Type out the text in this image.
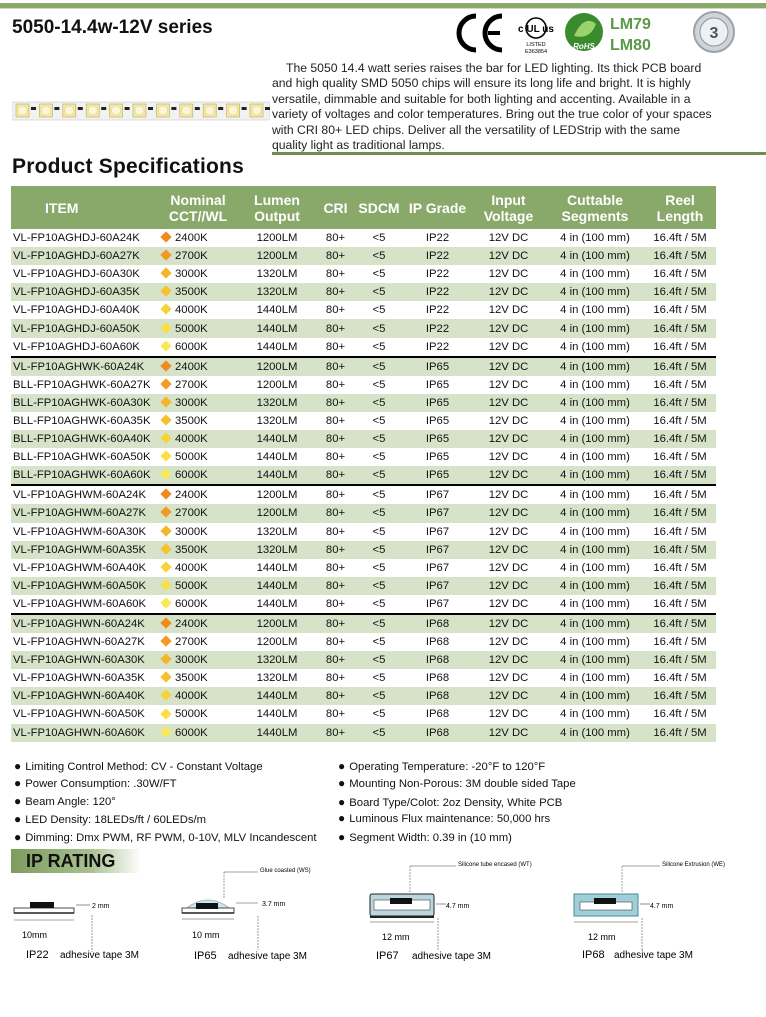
5050-14.4w-12V series	c UL us
LISTED
E363854
RoHS
LM79
LM80
3
The 5050 14.4 watt series raises the bar for LED lighting. Its thick PCB board and high quality SMD 5050 chips will ensure its long life and bright. It is highly versatile, dimmable and suitable for both lighting and accenting. Available in a variety of voltages and color temperatures. Bring out the true color of your spaces with CRI 80+ LED chips. Deliver all the versatility of LEDStrip with the same quality light as traditional lamps.
Product Specifications
ITEM	Nominal CCT//WL	Lumen Output	CRI	SDCM	IP Grade	Input Voltage	Cuttable Segments	Reel Length
VL-FP10AGHDJ-60A24K	2400K	1200LM	80+	<5	IP22	12V DC	4 in (100 mm)	16.4ft / 5M
VL-FP10AGHDJ-60A27K	2700K	1200LM	80+	<5	IP22	12V DC	4 in (100 mm)	16.4ft / 5M
VL-FP10AGHDJ-60A30K	3000K	1320LM	80+	<5	IP22	12V DC	4 in (100 mm)	16.4ft / 5M
VL-FP10AGHDJ-60A35K	3500K	1320LM	80+	<5	IP22	12V DC	4 in (100 mm)	16.4ft / 5M
VL-FP10AGHDJ-60A40K	4000K	1440LM	80+	<5	IP22	12V DC	4 in (100 mm)	16.4ft / 5M
VL-FP10AGHDJ-60A50K	5000K	1440LM	80+	<5	IP22	12V DC	4 in (100 mm)	16.4ft / 5M
VL-FP10AGHDJ-60A60K	6000K	1440LM	80+	<5	IP22	12V DC	4 in (100 mm)	16.4ft / 5M
VL-FP10AGHWK-60A24K	2400K	1200LM	80+	<5	IP65	12V DC	4 in (100 mm)	16.4ft / 5M
BLL-FP10AGHWK-60A27K	2700K	1200LM	80+	<5	IP65	12V DC	4 in (100 mm)	16.4ft / 5M
BLL-FP10AGHWK-60A30K	3000K	1320LM	80+	<5	IP65	12V DC	4 in (100 mm)	16.4ft / 5M
BLL-FP10AGHWK-60A35K	3500K	1320LM	80+	<5	IP65	12V DC	4 in (100 mm)	16.4ft / 5M
BLL-FP10AGHWK-60A40K	4000K	1440LM	80+	<5	IP65	12V DC	4 in (100 mm)	16.4ft / 5M
BLL-FP10AGHWK-60A50K	5000K	1440LM	80+	<5	IP65	12V DC	4 in (100 mm)	16.4ft / 5M
BLL-FP10AGHWK-60A60K	6000K	1440LM	80+	<5	IP65	12V DC	4 in (100 mm)	16.4ft / 5M
VL-FP10AGHWM-60A24K	2400K	1200LM	80+	<5	IP67	12V DC	4 in (100 mm)	16.4ft / 5M
VL-FP10AGHWM-60A27K	2700K	1200LM	80+	<5	IP67	12V DC	4 in (100 mm)	16.4ft / 5M
VL-FP10AGHWM-60A30K	3000K	1320LM	80+	<5	IP67	12V DC	4 in (100 mm)	16.4ft / 5M
VL-FP10AGHWM-60A35K	3500K	1320LM	80+	<5	IP67	12V DC	4 in (100 mm)	16.4ft / 5M
VL-FP10AGHWM-60A40K	4000K	1440LM	80+	<5	IP67	12V DC	4 in (100 mm)	16.4ft / 5M
VL-FP10AGHWM-60A50K	5000K	1440LM	80+	<5	IP67	12V DC	4 in (100 mm)	16.4ft / 5M
VL-FP10AGHWM-60A60K	6000K	1440LM	80+	<5	IP67	12V DC	4 in (100 mm)	16.4ft / 5M
VL-FP10AGHWN-60A24K	2400K	1200LM	80+	<5	IP68	12V DC	4 in (100 mm)	16.4ft / 5M
VL-FP10AGHWN-60A27K	2700K	1200LM	80+	<5	IP68	12V DC	4 in (100 mm)	16.4ft / 5M
VL-FP10AGHWN-60A30K	3000K	1320LM	80+	<5	IP68	12V DC	4 in (100 mm)	16.4ft / 5M
VL-FP10AGHWN-60A35K	3500K	1320LM	80+	<5	IP68	12V DC	4 in (100 mm)	16.4ft / 5M
VL-FP10AGHWN-60A40K	4000K	1440LM	80+	<5	IP68	12V DC	4 in (100 mm)	16.4ft / 5M
VL-FP10AGHWN-60A50K	5000K	1440LM	80+	<5	IP68	12V DC	4 in (100 mm)	16.4ft / 5M
VL-FP10AGHWN-60A60K	6000K	1440LM	80+	<5	IP68	12V DC	4 in (100 mm)	16.4ft / 5M
● Limiting Control Method: CV - Constant Voltage
● Power Consumption: .30W/FT
● Beam Angle: 120°
● LED Density: 18LEDs/ft / 60LEDs/m
● Dimming: Dmx PWM, RF PWM, 0-10V, MLV Incandescent
● Operating Temperature: -20°F to 120°F
● Mounting Non-Porous: 3M double sided Tape
● Board Type/Colot: 2oz Density, White PCB
● Luminous Flux maintenance: 50,000 hrs
● Segment Width: 0.39 in (10 mm)
IP RATING
2 mm
10mm
IP22 adhesive tape 3M
Glue coasted (WS)
3.7 mm
10 mm
IP65 adhesive tape 3M
Silicone tube encased (WT)
4.7 mm
12 mm
IP67 adhesive tape 3M
Silicone Extrusion (WE)
4.7 mm
12 mm
IP68 adhesive tape 3M
